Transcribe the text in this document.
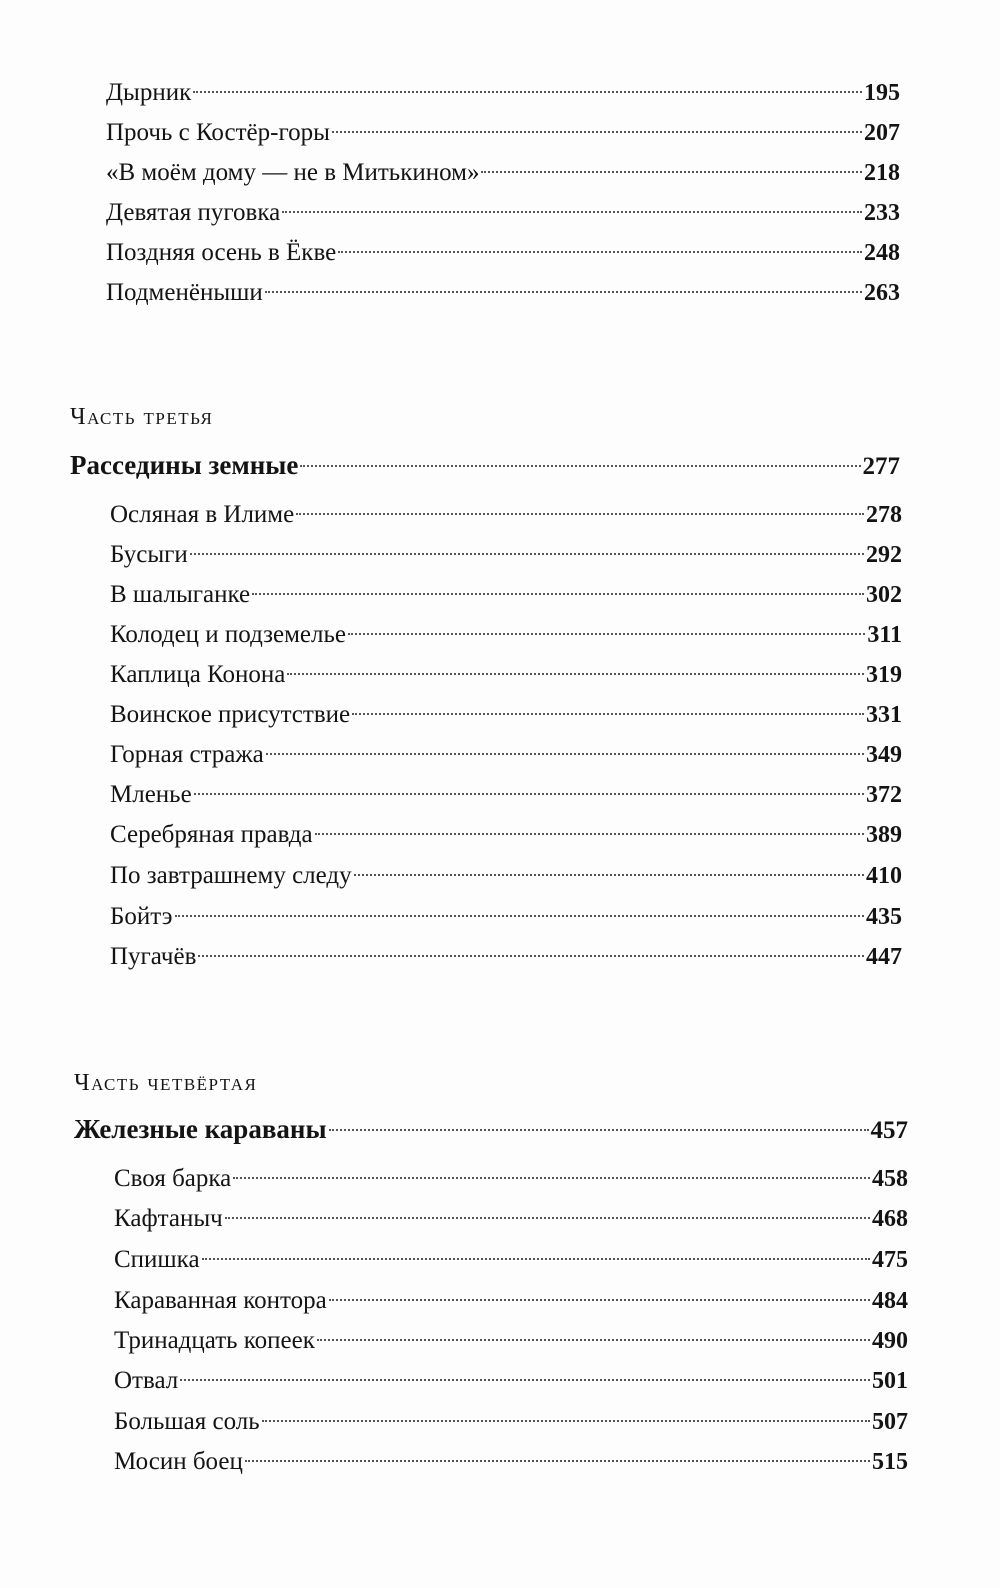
Дырник	195
Прочь с Костёр-горы	207
«В моём дому — не в Митькином»	218
Девятая пуговка	233
Поздняя осень в Ёкве	248
Подменёныши	263
Часть третья
Расседины земные	277
Осляная в Илиме	278
Бусыги	292
В шалыганке	302
Колодец и подземелье	311
Каплица Конона	319
Воинское присутствие	331
Горная стража	349
Мленье	372
Серебряная правда	389
По завтрашнему следу	410
Бойтэ	435
Пугачёв	447
Часть четвёртая
Железные караваны	457
Своя барка	458
Кафтаныч	468
Спишка	475
Караванная контора	484
Тринадцать копеек	490
Отвал	501
Большая соль	507
Мосин боец	515
